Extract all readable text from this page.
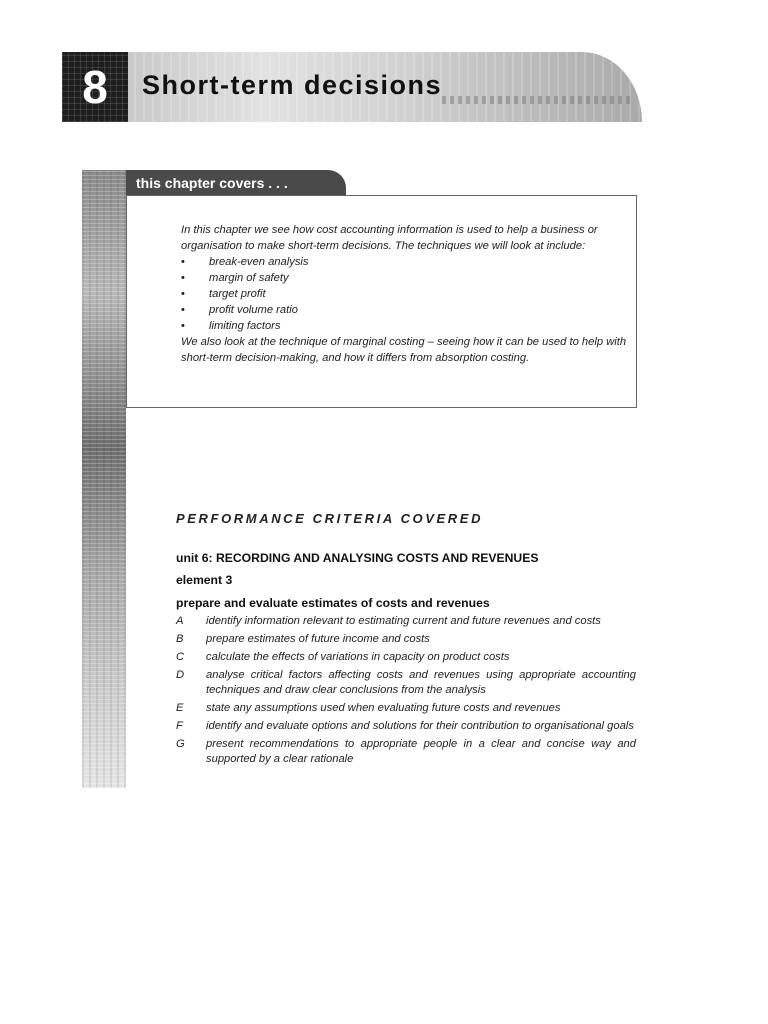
8	Short-term decisions
this chapter covers . . .
In this chapter we see how cost accounting information is used to help a business or organisation to make short-term decisions. The techniques we will look at include:
•	break-even analysis
•	margin of safety
•	target profit
•	profit volume ratio
•	limiting factors
We also look at the technique of marginal costing – seeing how it can be used to help with short-term decision-making, and how it differs from absorption costing.
PERFORMANCE CRITERIA COVERED
unit 6: RECORDING AND ANALYSING COSTS AND REVENUES
element 3
prepare and evaluate estimates of costs and revenues
A	identify information relevant to estimating current and future revenues and costs
B	prepare estimates of future income and costs
C	calculate the effects of variations in capacity on product costs
D	analyse critical factors affecting costs and revenues using appropriate accounting techniques and draw clear conclusions from the analysis
E	state any assumptions used when evaluating future costs and revenues
F	identify and evaluate options and solutions for their contribution to organisational goals
G	present recommendations to appropriate people in a clear and concise way and supported by a clear rationale
